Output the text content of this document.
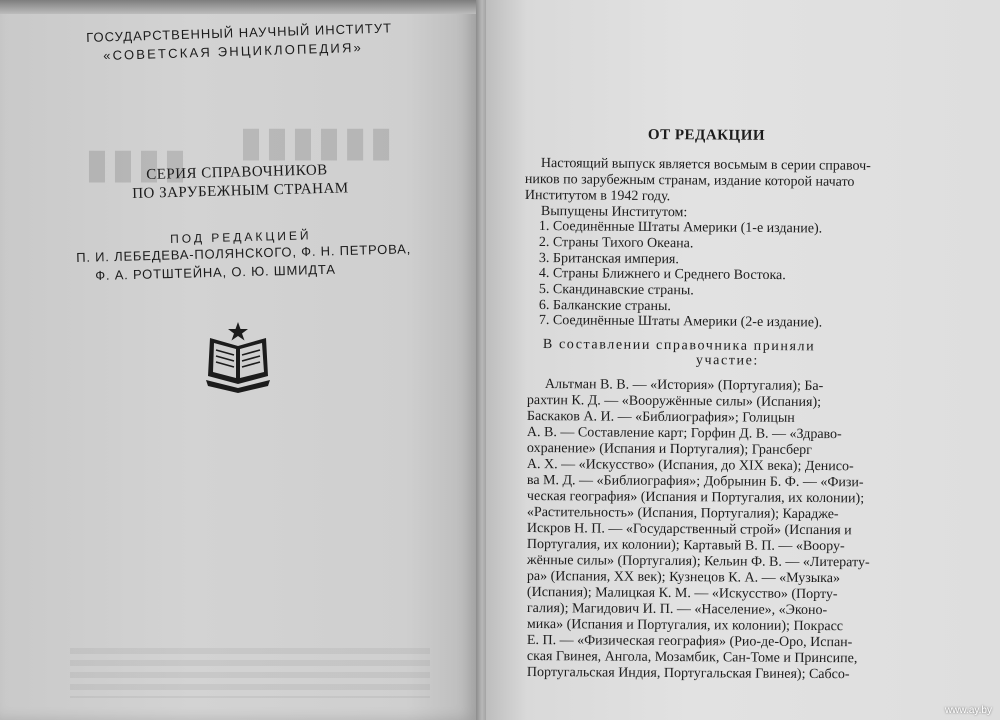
▮▮▮▮▮▮
▮▮▮▮
ГОСУДАРСТВЕННЫЙ НАУЧНЫЙ ИНСТИТУТ
«СОВЕТСКАЯ ЭНЦИКЛОПЕДИЯ»
СЕРИЯ СПРАВОЧНИКОВ
ПО ЗАРУБЕЖНЫМ СТРАНАМ
ПОД РЕДАКЦИЕЙ
П. И. ЛЕБЕДЕВА-ПОЛЯНСКОГО, Ф. Н. ПЕТРОВА,
Ф. А. РОТШТЕЙНА, О. Ю. ШМИДТА
ОТ РЕДАКЦИИ
Настоящий выпуск является восьмым в серии справоч-
ников по зарубежным странам, издание которой начато
Институтом в 1942 году.
Выпущены Институтом:
1. Соединённые Штаты Америки (1-е издание).
2. Страны Тихого Океана.
3. Британская империя.
4. Страны Ближнего и Среднего Востока.
5. Скандинавские страны.
6. Балканские страны.
7. Соединённые Штаты Америки (2-е издание).
В составлении справочника приняли
участие:
Альтман В. В. — «История» (Португалия); Ба-
рахтин К. Д. — «Вооружённые силы» (Испания);
Баскаков А. И. — «Библиография»; Голицын
А. В. — Составление карт; Горфин Д. В. — «Здраво-
охранение» (Испания и Португалия); Грансберг
А. Х. — «Искусство» (Испания, до XIX века); Денисо-
ва М. Д. — «Библиография»; Добрынин Б. Ф. — «Физи-
ческая география» (Испания и Португалия, их колонии);
«Растительность» (Испания, Португалия); Карадже-
Искров Н. П. — «Государственный строй» (Испания и
Португалия, их колонии); Картавый В. П. — «Воору-
жённые силы» (Португалия); Кельин Ф. В. — «Литерату-
ра» (Испания, XX век); Кузнецов К. А. — «Музыка»
(Испания); Малицкая К. М. — «Искусство» (Порту-
галия); Магидович И. П. — «Население», «Эконо-
мика» (Испания и Португалия, их колонии); Покрасс
Е. П. — «Физическая география» (Рио-де-Оро, Испан-
ская Гвинея, Ангола, Мозамбик, Сан-Томе и Принсипе,
Португальская Индия, Португальская Гвинея); Сабсо-
www.ay.by
